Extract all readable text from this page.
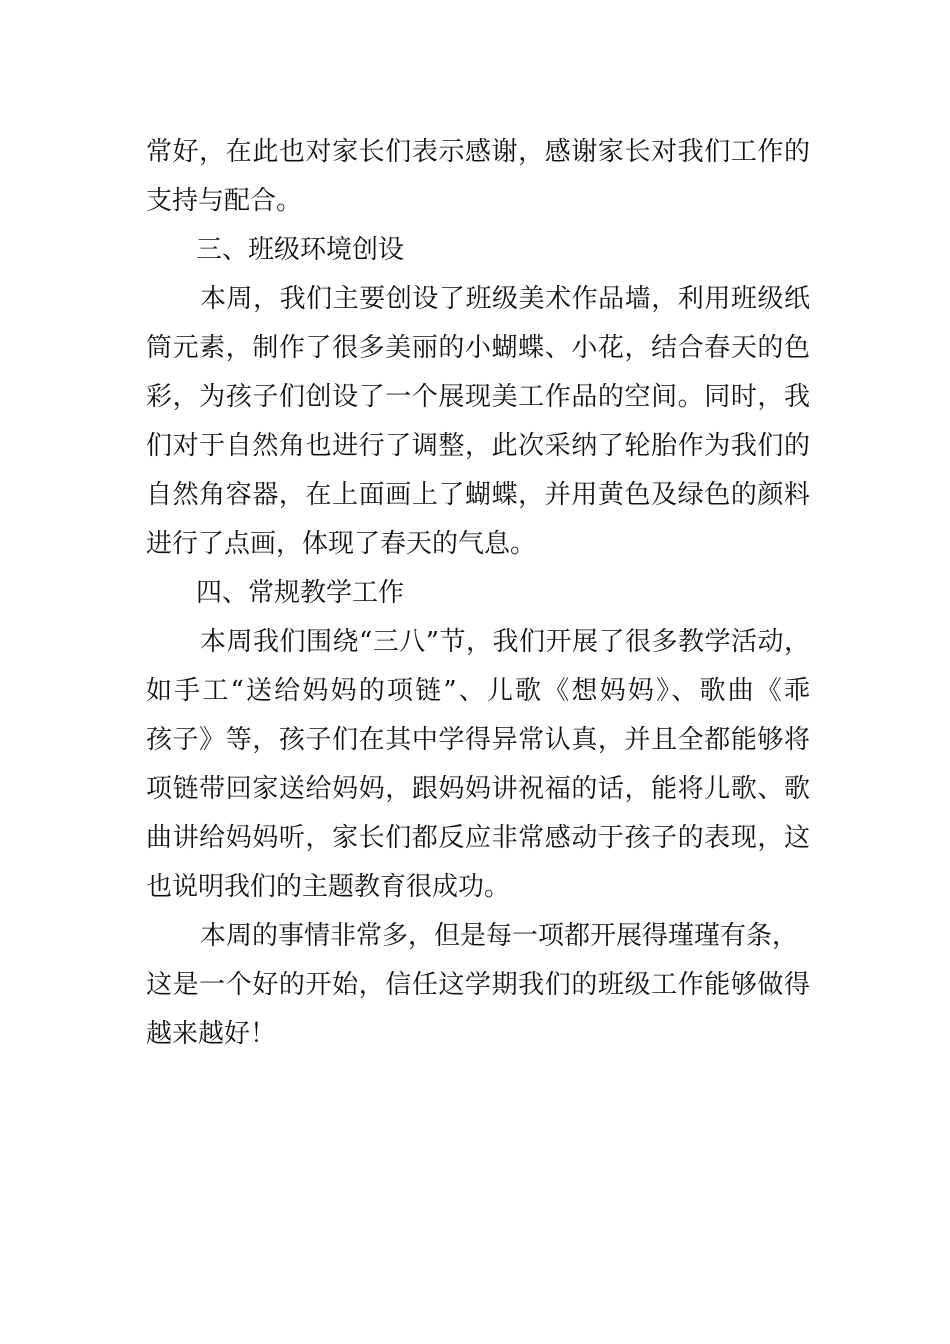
常好，在此也对家长们表示感谢，感谢家长对我们工作的
支持与配合。
三、班级环境创设
本周，我们主要创设了班级美术作品墙，利用班级纸
筒元素，制作了很多美丽的小蝴蝶、小花，结合春天的色
彩，为孩子们创设了一个展现美工作品的空间。同时，我
们对于自然角也进行了调整，此次采纳了轮胎作为我们的
自然角容器，在上面画上了蝴蝶，并用黄色及绿色的颜料
进行了点画，体现了春天的气息。
四、常规教学工作
本周我们围绕“三八”节，我们开展了很多教学活动，
如手工“送给妈妈的项链”、儿歌《想妈妈》、歌曲《乖
孩子》等，孩子们在其中学得异常认真，并且全都能够将
项链带回家送给妈妈，跟妈妈讲祝福的话，能将儿歌、歌
曲讲给妈妈听，家长们都反应非常感动于孩子的表现，这
也说明我们的主题教育很成功。
本周的事情非常多，但是每一项都开展得瑾瑾有条，
这是一个好的开始，信任这学期我们的班级工作能够做得
越来越好！
